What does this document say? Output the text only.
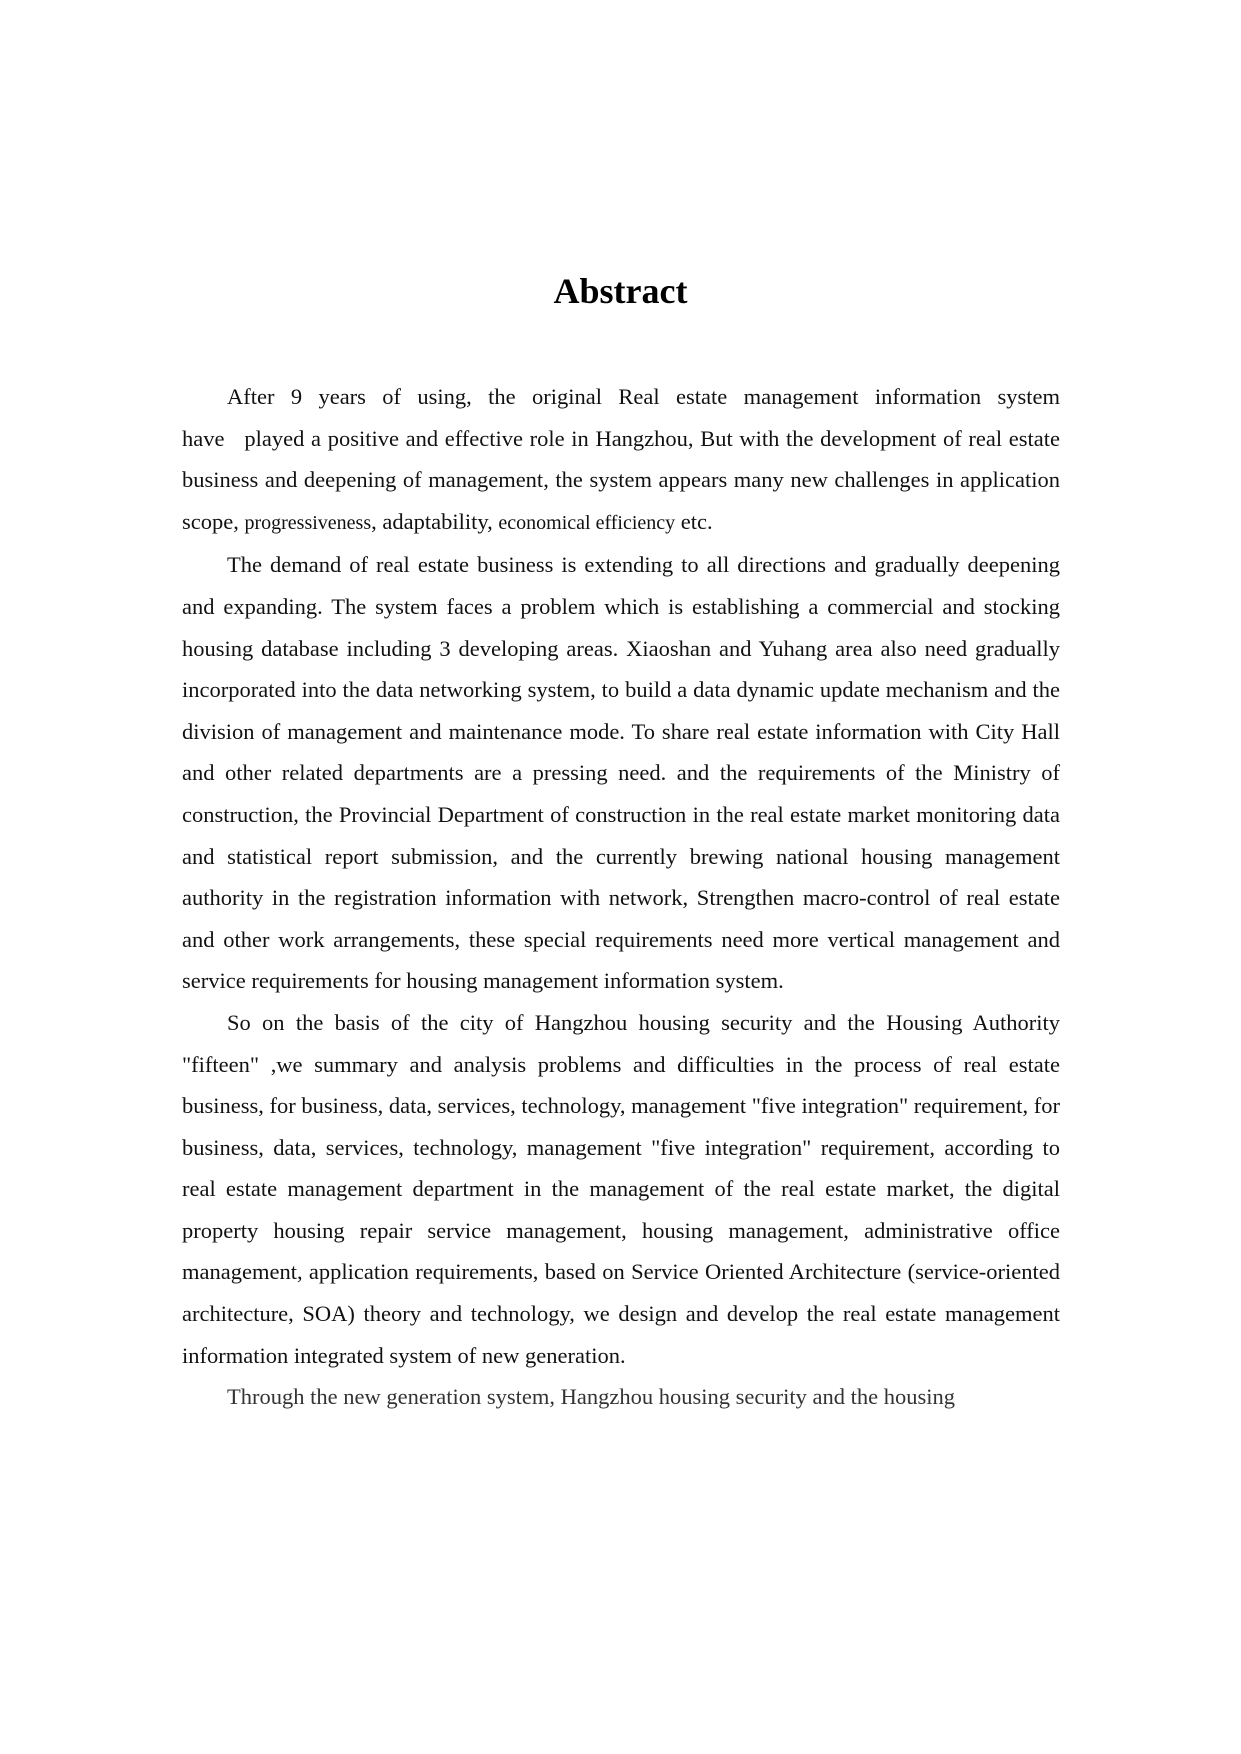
Abstract

After 9 years of using, the original Real estate management information system have   played a positive and effective role in Hangzhou, But with the development of real estate business and deepening of management, the system appears many new challenges in application scope, progressiveness, adaptability, economical efficiency etc.

The demand of real estate business is extending to all directions and gradually deepening and expanding. The system faces a problem which is establishing a commercial and stocking housing database including 3 developing areas. Xiaoshan and Yuhang area also need gradually incorporated into the data networking system, to build a data dynamic update mechanism and the division of management and maintenance mode. To share real estate information with City Hall and other related departments are a pressing need. and the requirements of the Ministry of construction, the Provincial Department of construction in the real estate market monitoring data and statistical report submission, and the currently brewing national housing management authority in the registration information with network, Strengthen macro-control of real estate and other work arrangements, these special requirements need more vertical management and service requirements for housing management information system.

So on the basis of the city of Hangzhou housing security and the Housing Authority "fifteen" ,we summary and analysis problems and difficulties in the process of real estate business, for business, data, services, technology, management "five integration" requirement, for business, data, services, technology, management "five integration" requirement, according to real estate management department in the management of the real estate market, the digital property housing repair service management, housing management, administrative office management, application requirements, based on Service Oriented Architecture (service-oriented architecture, SOA) theory and technology, we design and develop the real estate management information integrated system of new generation.

Through the new generation system, Hangzhou housing security and the housing
